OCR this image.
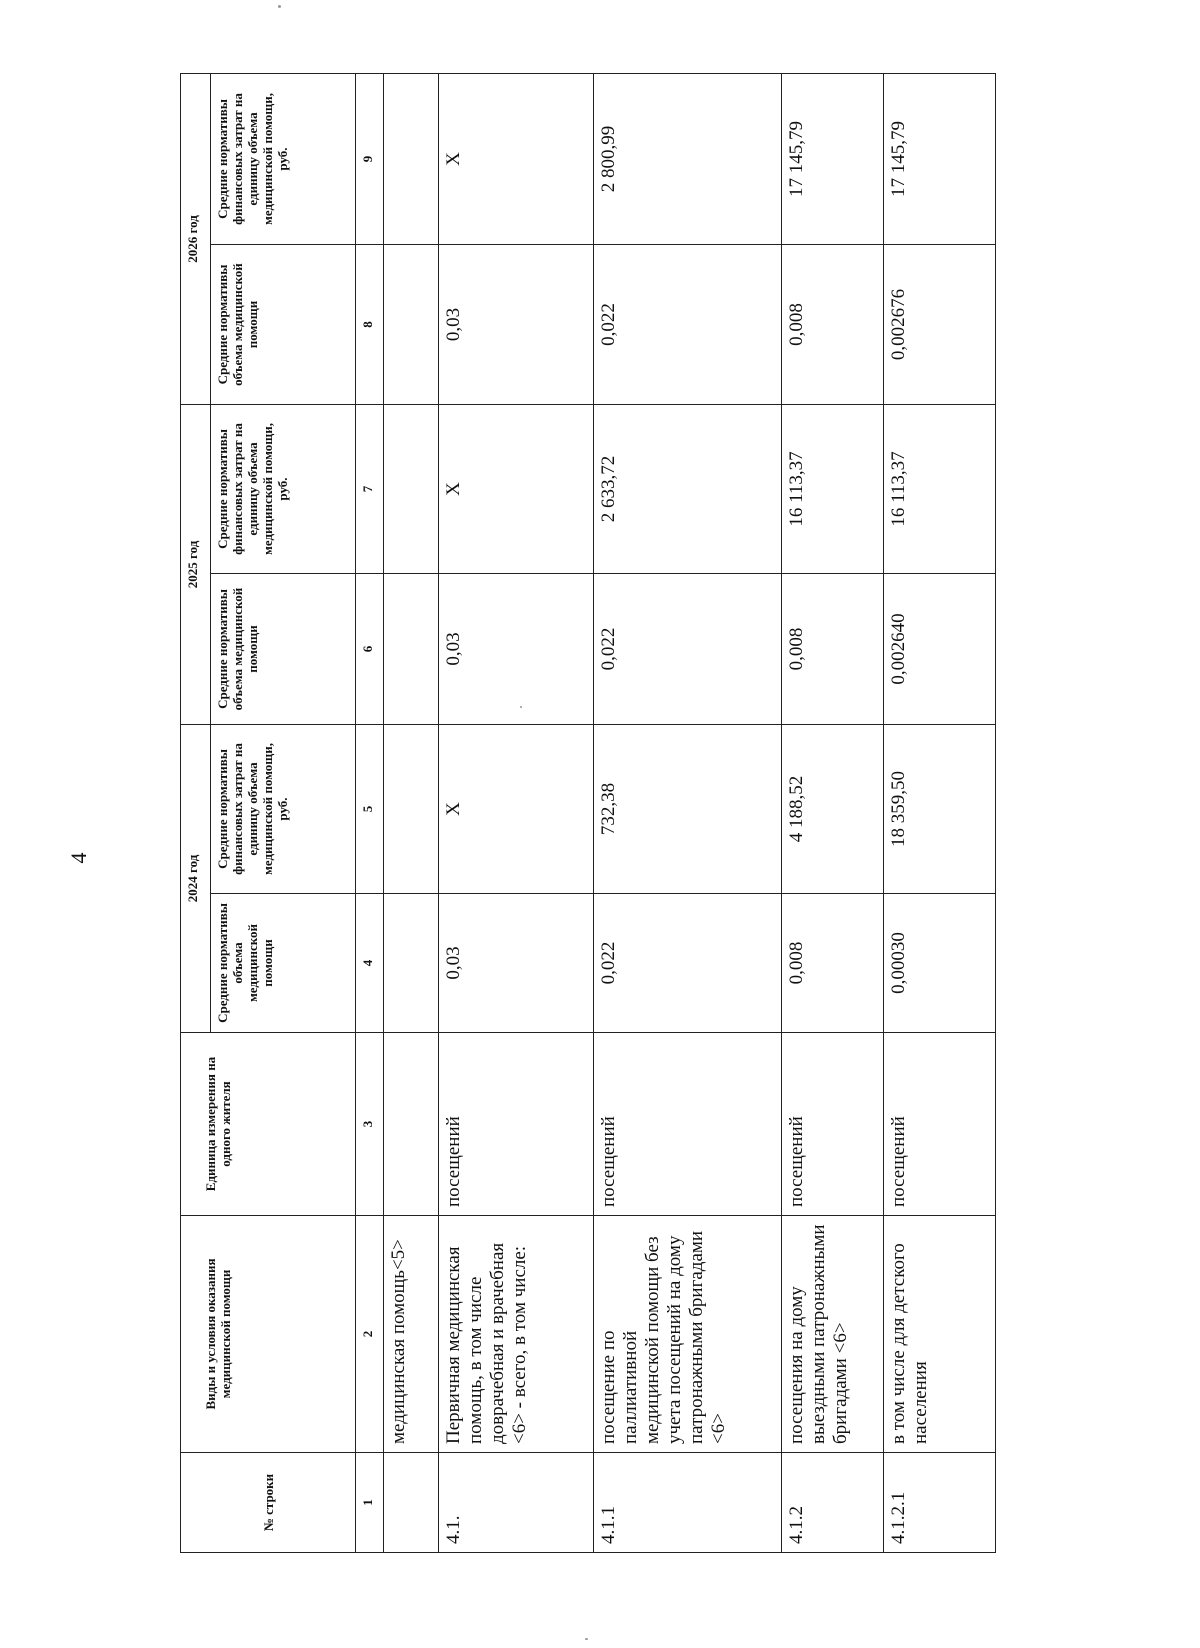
4
№ строки	Виды и условия оказания медицинской помощи	Единица измерения на одного жителя	2024 год		2025 год		2026 год	
			Средние нормативы объема медицинской помощи	Средние нормативы финансовых затрат на единицу объема медицинской помощи, руб.	Средние нормативы объема медицинской помощи	Средние нормативы финансовых затрат на единицу объема медицинской помощи, руб.	Средние нормативы объема медицинской помощи	Средние нормативы финансовых затрат на единицу объема медицинской помощи, руб.
1	2	3	4	5	6	7	8	9
	медицинская помощь<5>							
4.1.	Первичная медицинская помощь, в том числе доврачебная и врачебная <6> - всего, в том числе:	посещений	0,03	X	0,03	X	0,03	X
4.1.1	посещение по паллиативной медицинской помощи без учета посещений на дому патронажными бригадами <6>	посещений	0,022	732,38	0,022	2 633,72	0,022	2 800,99
4.1.2	посещения на дому выездными патронажными бригадами <6>	посещений	0,008	4 188,52	0,008	16 113,37	0,008	17 145,79
4.1.2.1	в том числе для детского населения	посещений	0,00030	18 359,50	0,002640	16 113,37	0,002676	17 145,79
